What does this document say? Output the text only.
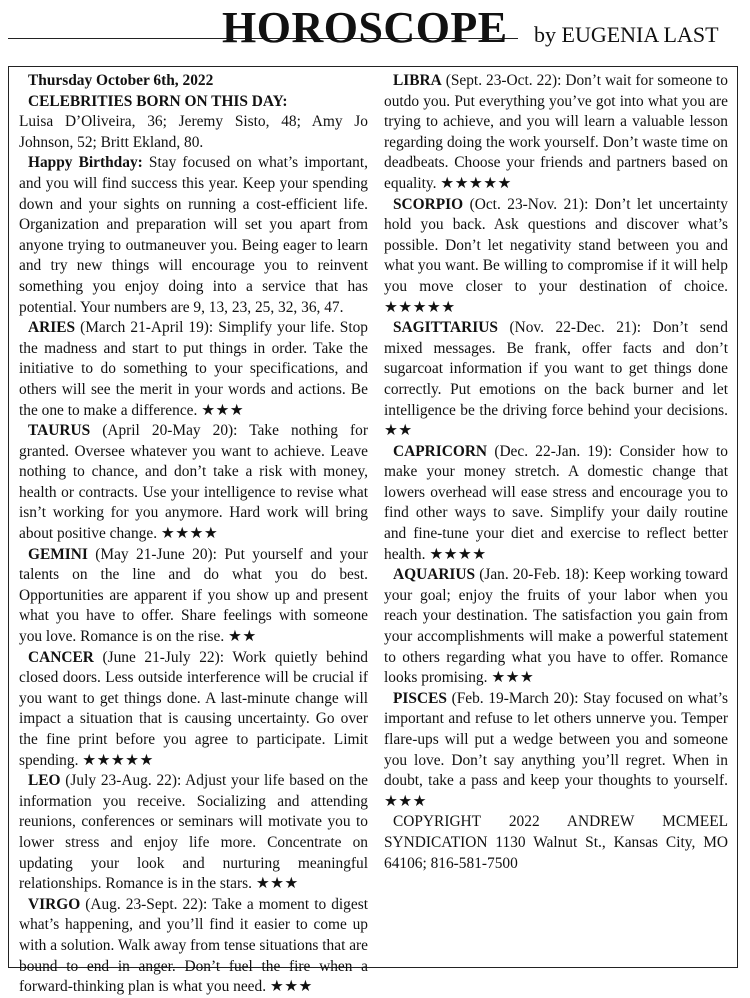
HOROSCOPE by EUGENIA LAST

Thursday October 6th, 2022

CELEBRITIES BORN ON THIS DAY:

Luisa D’Oliveira, 36; Jeremy Sisto, 48; Amy Jo Johnson, 52; Britt Ekland, 80.

Happy Birthday: Stay focused on what’s important, and you will find success this year. Keep your spending down and your sights on running a cost-efficient life. Organization and preparation will set you apart from anyone trying to outmaneuver you. Being eager to learn and try new things will encourage you to reinvent something you enjoy doing into a service that has potential. Your numbers are 9, 13, 23, 25, 32, 36, 47.

ARIES (March 21-April 19): Simplify your life. Stop the madness and start to put things in order. Take the initiative to do something to your specifications, and others will see the merit in your words and actions. Be the one to make a difference. ★★★

TAURUS (April 20-May 20): Take nothing for granted. Oversee whatever you want to achieve. Leave nothing to chance, and don’t take a risk with money, health or contracts. Use your intelligence to revise what isn’t working for you anymore. Hard work will bring about positive change. ★★★★

GEMINI (May 21-June 20): Put yourself and your talents on the line and do what you do best. Opportunities are apparent if you show up and present what you have to offer. Share feelings with someone you love. Romance is on the rise. ★★

CANCER (June 21-July 22): Work quietly behind closed doors. Less outside interference will be crucial if you want to get things done. A last-minute change will impact a situation that is causing uncertainty. Go over the fine print before you agree to participate. Limit spending. ★★★★★

LEO (July 23-Aug. 22): Adjust your life based on the information you receive. Socializing and attending reunions, conferences or seminars will motivate you to lower stress and enjoy life more. Concentrate on updating your look and nurturing meaningful relationships. Romance is in the stars. ★★★

VIRGO (Aug. 23-Sept. 22): Take a moment to digest what’s happening, and you’ll find it easier to come up with a solution. Walk away from tense situations that are bound to end in anger. Don’t fuel the fire when a forward-thinking plan is what you need. ★★★

LIBRA (Sept. 23-Oct. 22): Don’t wait for someone to outdo you. Put everything you’ve got into what you are trying to achieve, and you will learn a valuable lesson regarding doing the work yourself. Don’t waste time on deadbeats. Choose your friends and partners based on equality. ★★★★★

SCORPIO (Oct. 23-Nov. 21): Don’t let uncertainty hold you back. Ask questions and discover what’s possible. Don’t let negativity stand between you and what you want. Be willing to compromise if it will help you move closer to your destination of choice. ★★★★★

SAGITTARIUS (Nov. 22-Dec. 21): Don’t send mixed messages. Be frank, offer facts and don’t sugarcoat information if you want to get things done correctly. Put emotions on the back burner and let intelligence be the driving force behind your decisions. ★★

CAPRICORN (Dec. 22-Jan. 19): Consider how to make your money stretch. A domestic change that lowers overhead will ease stress and encourage you to find other ways to save. Simplify your daily routine and fine-tune your diet and exercise to reflect better health. ★★★★

AQUARIUS (Jan. 20-Feb. 18): Keep working toward your goal; enjoy the fruits of your labor when you reach your destination. The satisfaction you gain from your accomplishments will make a powerful statement to others regarding what you have to offer. Romance looks promising. ★★★

PISCES (Feb. 19-March 20): Stay focused on what’s important and refuse to let others unnerve you. Temper flare-ups will put a wedge between you and someone you love. Don’t say anything you’ll regret. When in doubt, take a pass and keep your thoughts to yourself. ★★★

COPYRIGHT 2022 ANDREW MCMEEL SYNDICATION 1130 Walnut St., Kansas City, MO 64106; 816-581-7500
